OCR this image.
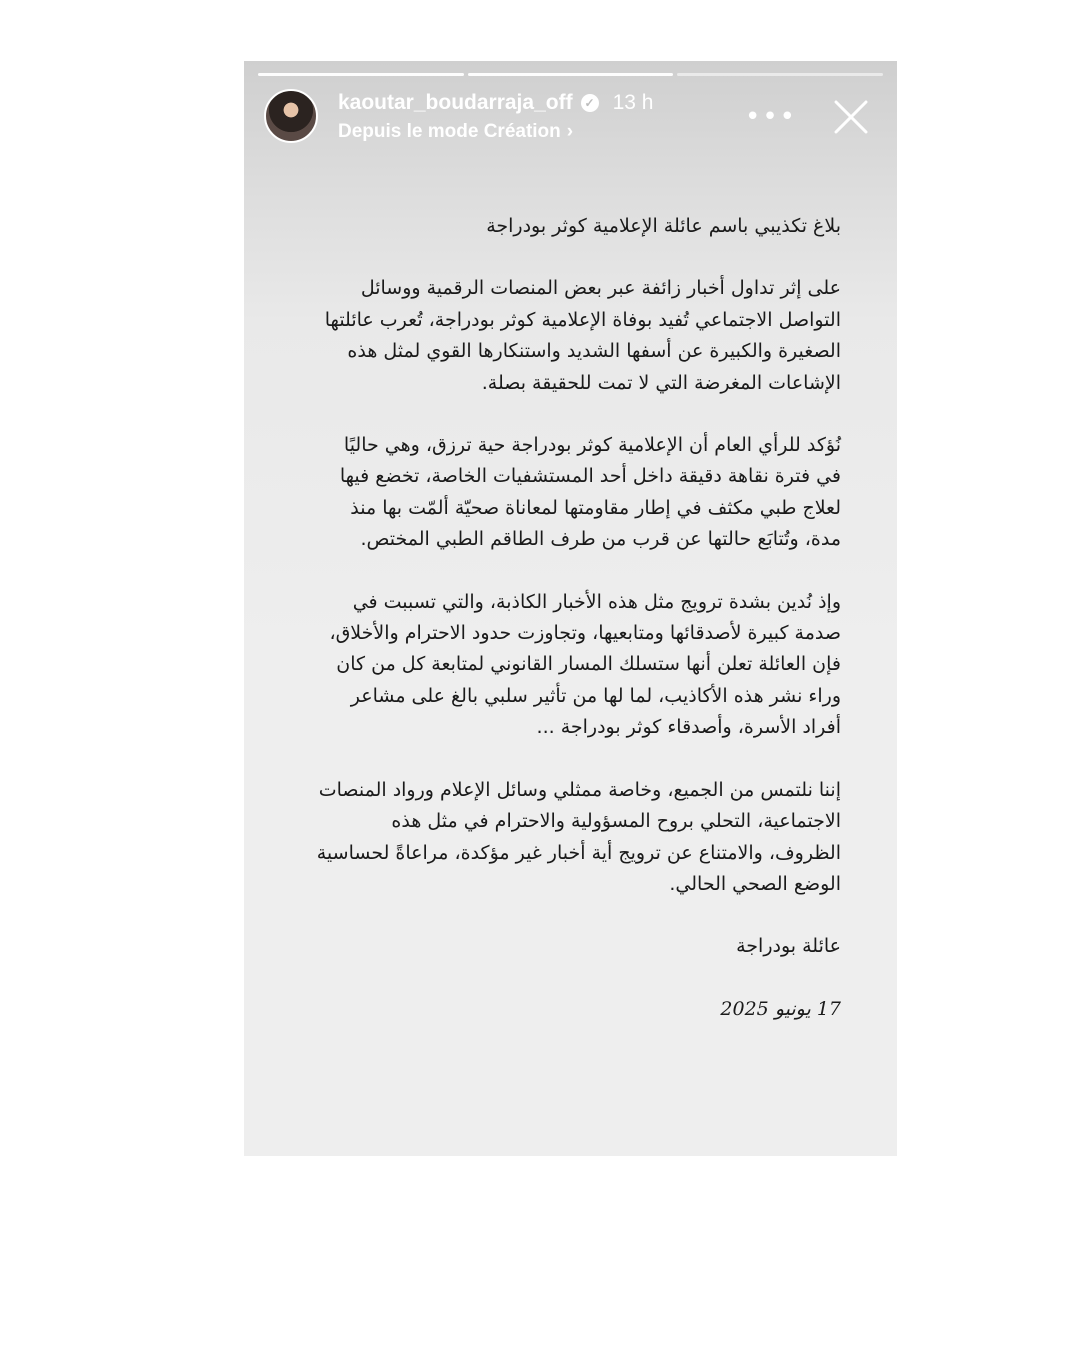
kaoutar_boudarraja_off ✓ 13 h
Depuis le mode Création ›	•••

بلاغ تكذيبي باسم عائلة الإعلامية كوثر بودراجة

على إثر تداول أخبار زائفة عبر بعض المنصات الرقمية ووسائل التواصل الاجتماعي تُفيد بوفاة الإعلامية كوثر بودراجة، تُعرب عائلتها الصغيرة والكبيرة عن أسفها الشديد واستنكارها القوي لمثل هذه الإشاعات المغرضة التي لا تمت للحقيقة بصلة.

نُؤكد للرأي العام أن الإعلامية كوثر بودراجة حية ترزق، وهي حاليًا في فترة نقاهة دقيقة داخل أحد المستشفيات الخاصة، تخضع فيها لعلاج طبي مكثف في إطار مقاومتها لمعاناة صحيّة ألمّت بها منذ مدة، وتُتابَع حالتها عن قرب من طرف الطاقم الطبي المختص.

وإذ نُدين بشدة ترويج مثل هذه الأخبار الكاذبة، والتي تسببت في صدمة كبيرة لأصدقائها ومتابعيها، وتجاوزت حدود الاحترام والأخلاق، فإن العائلة تعلن أنها ستسلك المسار القانوني لمتابعة كل من كان وراء نشر هذه الأكاذيب، لما لها من تأثير سلبي بالغ على مشاعر أفراد الأسرة، وأصدقاء كوثر بودراجة ...

إننا نلتمس من الجميع، وخاصة ممثلي وسائل الإعلام ورواد المنصات الاجتماعية، التحلي بروح المسؤولية والاحترام في مثل هذه الظروف، والامتناع عن ترويج أية أخبار غير مؤكدة، مراعاةً لحساسية الوضع الصحي الحالي.

عائلة بودراجة

17 يونيو 2025
